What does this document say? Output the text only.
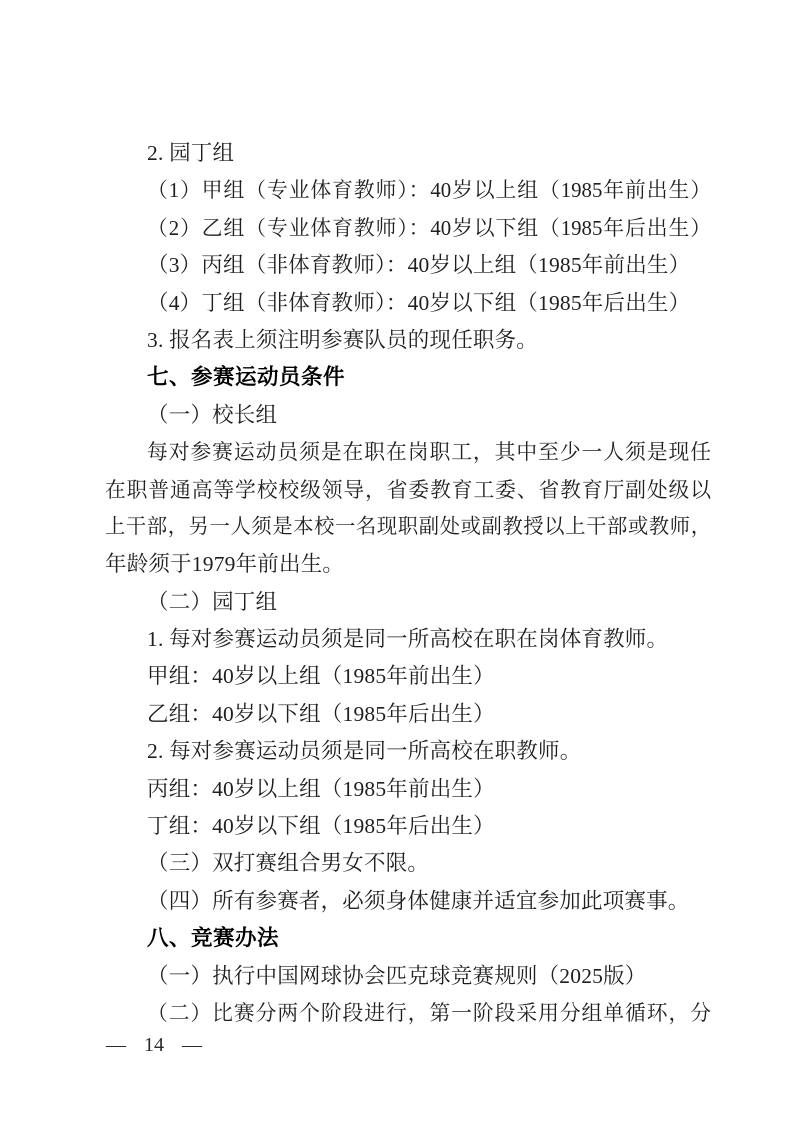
2. 园丁组
（1）甲组（专业体育教师）：40岁以上组（1985年前出生）
（2）乙组（专业体育教师）：40岁以下组（1985年后出生）
（3）丙组（非体育教师）：40岁以上组（1985年前出生）
（4）丁组（非体育教师）：40岁以下组（1985年后出生）
3. 报名表上须注明参赛队员的现任职务。
七、参赛运动员条件
（一）校长组
每对参赛运动员须是在职在岗职工，其中至少一人须是现任
在职普通高等学校校级领导，省委教育工委、省教育厅副处级以
上干部，另一人须是本校一名现职副处或副教授以上干部或教师，
年龄须于1979年前出生。
（二）园丁组
1. 每对参赛运动员须是同一所高校在职在岗体育教师。
甲组：40岁以上组（1985年前出生）
乙组：40岁以下组（1985年后出生）
2. 每对参赛运动员须是同一所高校在职教师。
丙组：40岁以上组（1985年前出生）
丁组：40岁以下组（1985年后出生）
（三）双打赛组合男女不限。
（四）所有参赛者，必须身体健康并适宜参加此项赛事。
八、竞赛办法
（一）执行中国网球协会匹克球竞赛规则（2025版）
（二）比赛分两个阶段进行，第一阶段采用分组单循环，分
— 14 —
